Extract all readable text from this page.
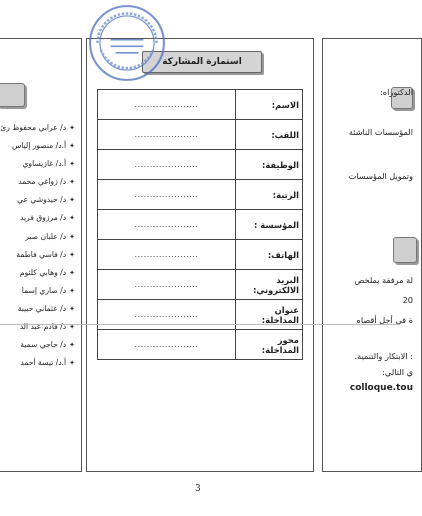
✦د/ عرابي محفوظ رئ
✦أ.د/ منصور إلياس
✦أ.د/ غازيساوي
✦د/ زواغي محمد
✦د/ حيدوشي عي
✦د/ مرزوق فريد
✦د/ علبان صبر
✦د/ فاسي فاطمة
✦د/ وهابي كلثوم
✦د/ صاري إسما
✦د/ عثماني حبيبة
✦د/ قادم عبد الد
✦د/ حاجي سمية
✦أ.د/ تيسة أحمد
استمارة المشاركة
الاسم:	.....................
اللقب:	.....................
الوظيفة:	.....................
الرتبة:	.....................
المؤسسة :	.....................
الهاتف:	.....................
البريد الالكتروني:	.....................
عنوان المداخلة:	.....................
محور المداخلة:	.....................
الدكتوراه:
المؤسسات الناشئة
وتمويل المؤسسات
لة مرفقة بملخص
20
ة في أجل أقصاه
: الابتكار والتنمية.
ي التالي:
colloque.tou
3
